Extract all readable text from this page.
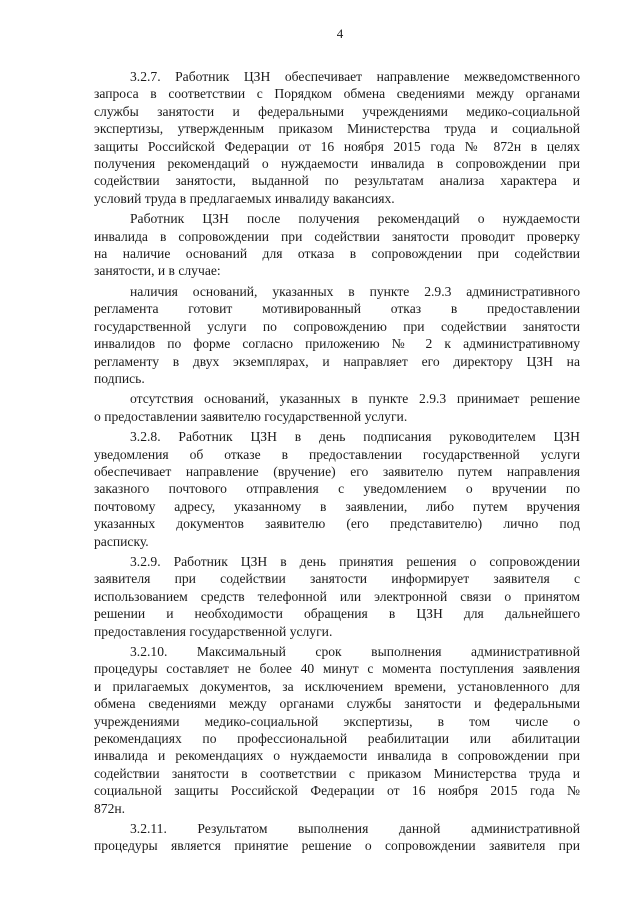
4

3.2.7. Работник ЦЗН обеспечивает направление межведомственного
запроса в соответствии с Порядком обмена сведениями между органами
службы занятости и федеральными учреждениями медико-социальной
экспертизы, утвержденным приказом Министерства труда и социальной
защиты Российской Федерации от 16 ноября 2015 года № 872н в целях
получения рекомендаций о нуждаемости инвалида в сопровождении при
содействии занятости, выданной по результатам анализа характера и
условий труда в предлагаемых инвалиду вакансиях.

Работник ЦЗН после получения рекомендаций о нуждаемости
инвалида в сопровождении при содействии занятости проводит проверку
на наличие оснований для отказа в сопровождении при содействии
занятости, и в случае:

наличия оснований, указанных в пункте 2.9.3 административного
регламента готовит мотивированный отказ в предоставлении
государственной услуги по сопровождению при содействии занятости
инвалидов по форме согласно приложению № 2 к административному
регламенту в двух экземплярах, и направляет его директору ЦЗН на
подпись.

отсутствия оснований, указанных в пункте 2.9.3 принимает решение
о предоставлении заявителю государственной услуги.

3.2.8. Работник ЦЗН в день подписания руководителем ЦЗН
уведомления об отказе в предоставлении государственной услуги
обеспечивает направление (вручение) его заявителю путем направления
заказного почтового отправления с уведомлением о вручении по
почтовому адресу, указанному в заявлении, либо путем вручения
указанных документов заявителю (его представителю) лично под
расписку.

3.2.9. Работник ЦЗН в день принятия решения о сопровождении
заявителя при содействии занятости информирует заявителя с
использованием средств телефонной или электронной связи о принятом
решении и необходимости обращения в ЦЗН для дальнейшего
предоставления государственной услуги.

3.2.10. Максимальный срок выполнения административной
процедуры составляет не более 40 минут с момента поступления заявления
и прилагаемых документов, за исключением времени, установленного для
обмена сведениями между органами службы занятости и федеральными
учреждениями медико-социальной экспертизы, в том числе о
рекомендациях по профессиональной реабилитации или абилитации
инвалида и рекомендациях о нуждаемости инвалида в сопровождении при
содействии занятости в соответствии с приказом Министерства труда и
социальной защиты Российской Федерации от 16 ноября 2015 года №
872н.

3.2.11. Результатом выполнения данной административной
процедуры является принятие решение о сопровождении заявителя при
